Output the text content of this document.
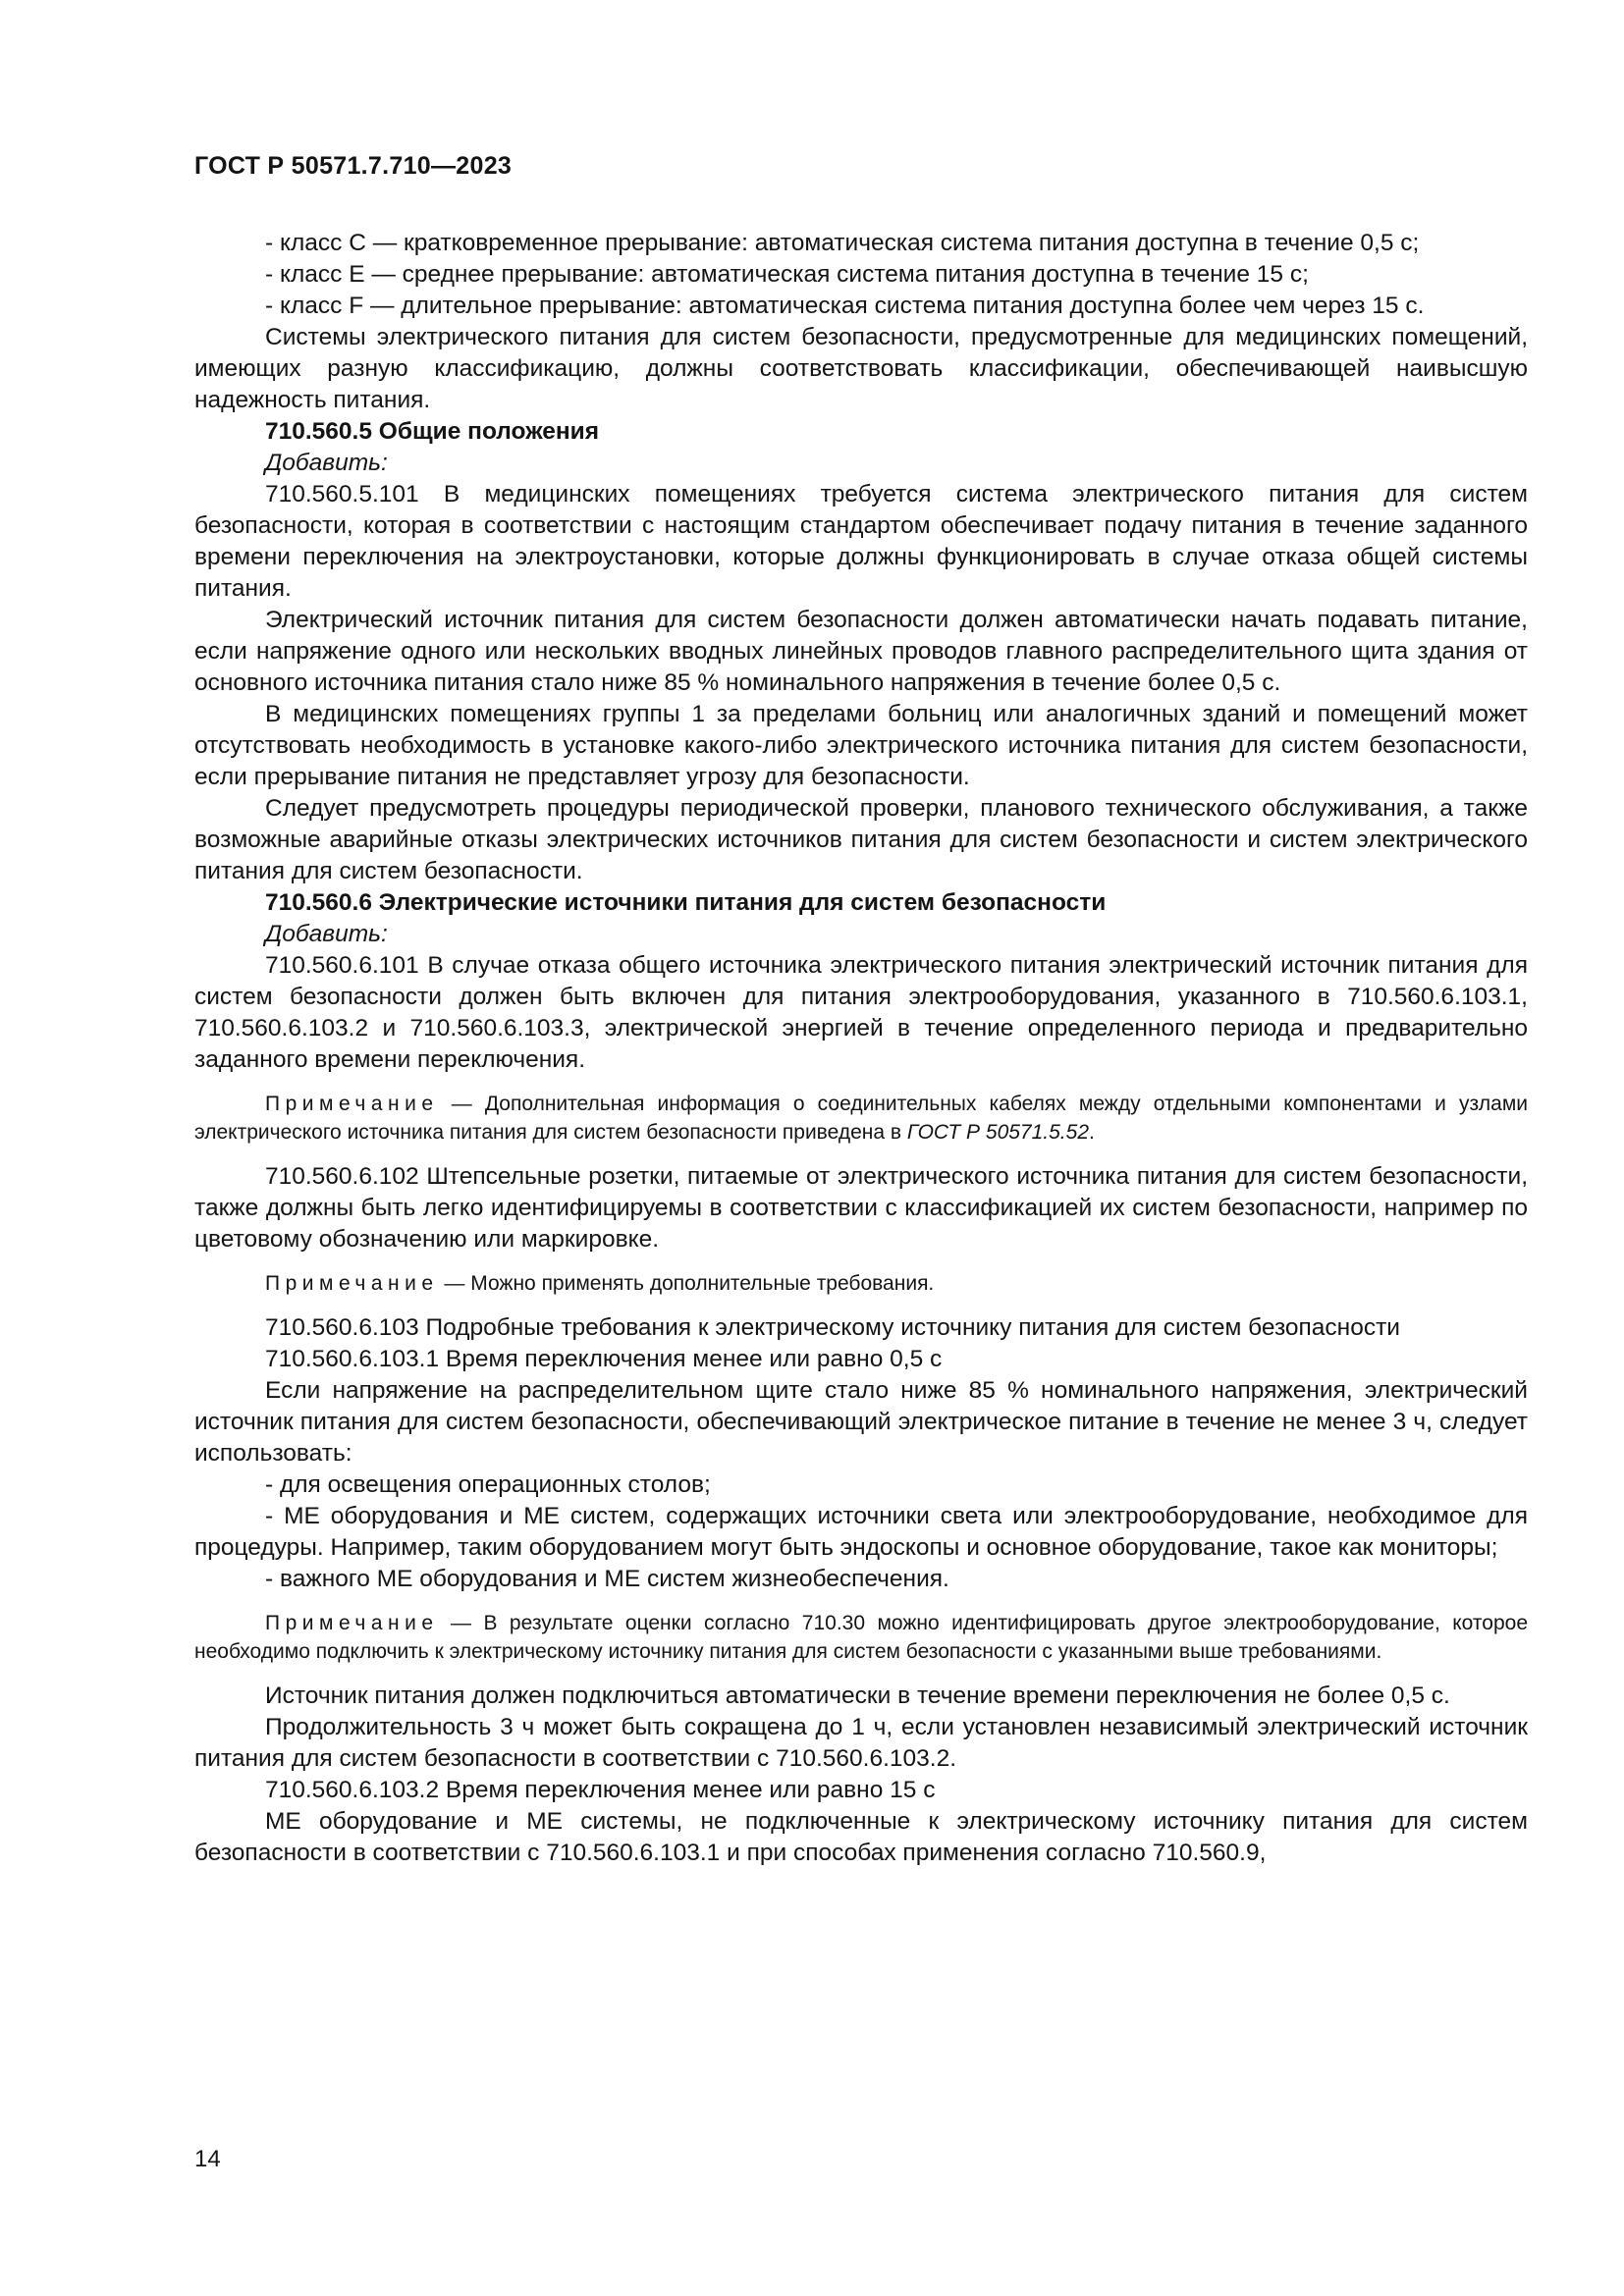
ГОСТ Р 50571.7.710—2023

- класс С — кратковременное прерывание: автоматическая система питания доступна в течение 0,5 с;

- класс Е — среднее прерывание: автоматическая система питания доступна в течение 15 с;

- класс F — длительное прерывание: автоматическая система питания доступна более чем через 15 с.

Системы электрического питания для систем безопасности, предусмотренные для медицинских помещений, имеющих разную классификацию, должны соответствовать классификации, обеспечивающей наивысшую надежность питания.

710.560.5 Общие положения

Добавить:

710.560.5.101 В медицинских помещениях требуется система электрического питания для систем безопасности, которая в соответствии с настоящим стандартом обеспечивает подачу питания в течение заданного времени переключения на электроустановки, которые должны функционировать в случае отказа общей системы питания.

Электрический источник питания для систем безопасности должен автоматически начать подавать питание, если напряжение одного или нескольких вводных линейных проводов главного распределительного щита здания от основного источника питания стало ниже 85 % номинального напряжения в течение более 0,5 с.

В медицинских помещениях группы 1 за пределами больниц или аналогичных зданий и помещений может отсутствовать необходимость в установке какого-либо электрического источника питания для систем безопасности, если прерывание питания не представляет угрозу для безопасности.

Следует предусмотреть процедуры периодической проверки, планового технического обслуживания, а также возможные аварийные отказы электрических источников питания для систем безопасности и систем электрического питания для систем безопасности.

710.560.6 Электрические источники питания для систем безопасности

Добавить:

710.560.6.101 В случае отказа общего источника электрического питания электрический источник питания для систем безопасности должен быть включен для питания электрооборудования, указанного в 710.560.6.103.1, 710.560.6.103.2 и 710.560.6.103.3, электрической энергией в течение определенного периода и предварительно заданного времени переключения.

Примечание — Дополнительная информация о соединительных кабелях между отдельными компонентами и узлами электрического источника питания для систем безопасности приведена в ГОСТ Р 50571.5.52.

710.560.6.102 Штепсельные розетки, питаемые от электрического источника питания для систем безопасности, также должны быть легко идентифицируемы в соответствии с классификацией их систем безопасности, например по цветовому обозначению или маркировке.

Примечание — Можно применять дополнительные требования.

710.560.6.103 Подробные требования к электрическому источнику питания для систем безопасности

710.560.6.103.1 Время переключения менее или равно 0,5 с

Если напряжение на распределительном щите стало ниже 85 % номинального напряжения, электрический источник питания для систем безопасности, обеспечивающий электрическое питание в течение не менее 3 ч, следует использовать:

- для освещения операционных столов;

- МЕ оборудования и МЕ систем, содержащих источники света или электрооборудование, необходимое для процедуры. Например, таким оборудованием могут быть эндоскопы и основное оборудование, такое как мониторы;

- важного МЕ оборудования и МЕ систем жизнеобеспечения.

Примечание — В результате оценки согласно 710.30 можно идентифицировать другое электрооборудование, которое необходимо подключить к электрическому источнику питания для систем безопасности с указанными выше требованиями.

Источник питания должен подключиться автоматически в течение времени переключения не более 0,5 с.

Продолжительность 3 ч может быть сокращена до 1 ч, если установлен независимый электрический источник питания для систем безопасности в соответствии с 710.560.6.103.2.

710.560.6.103.2 Время переключения менее или равно 15 с

МЕ оборудование и МЕ системы, не подключенные к электрическому источнику питания для систем безопасности в соответствии с 710.560.6.103.1 и при способах применения согласно 710.560.9,

14
